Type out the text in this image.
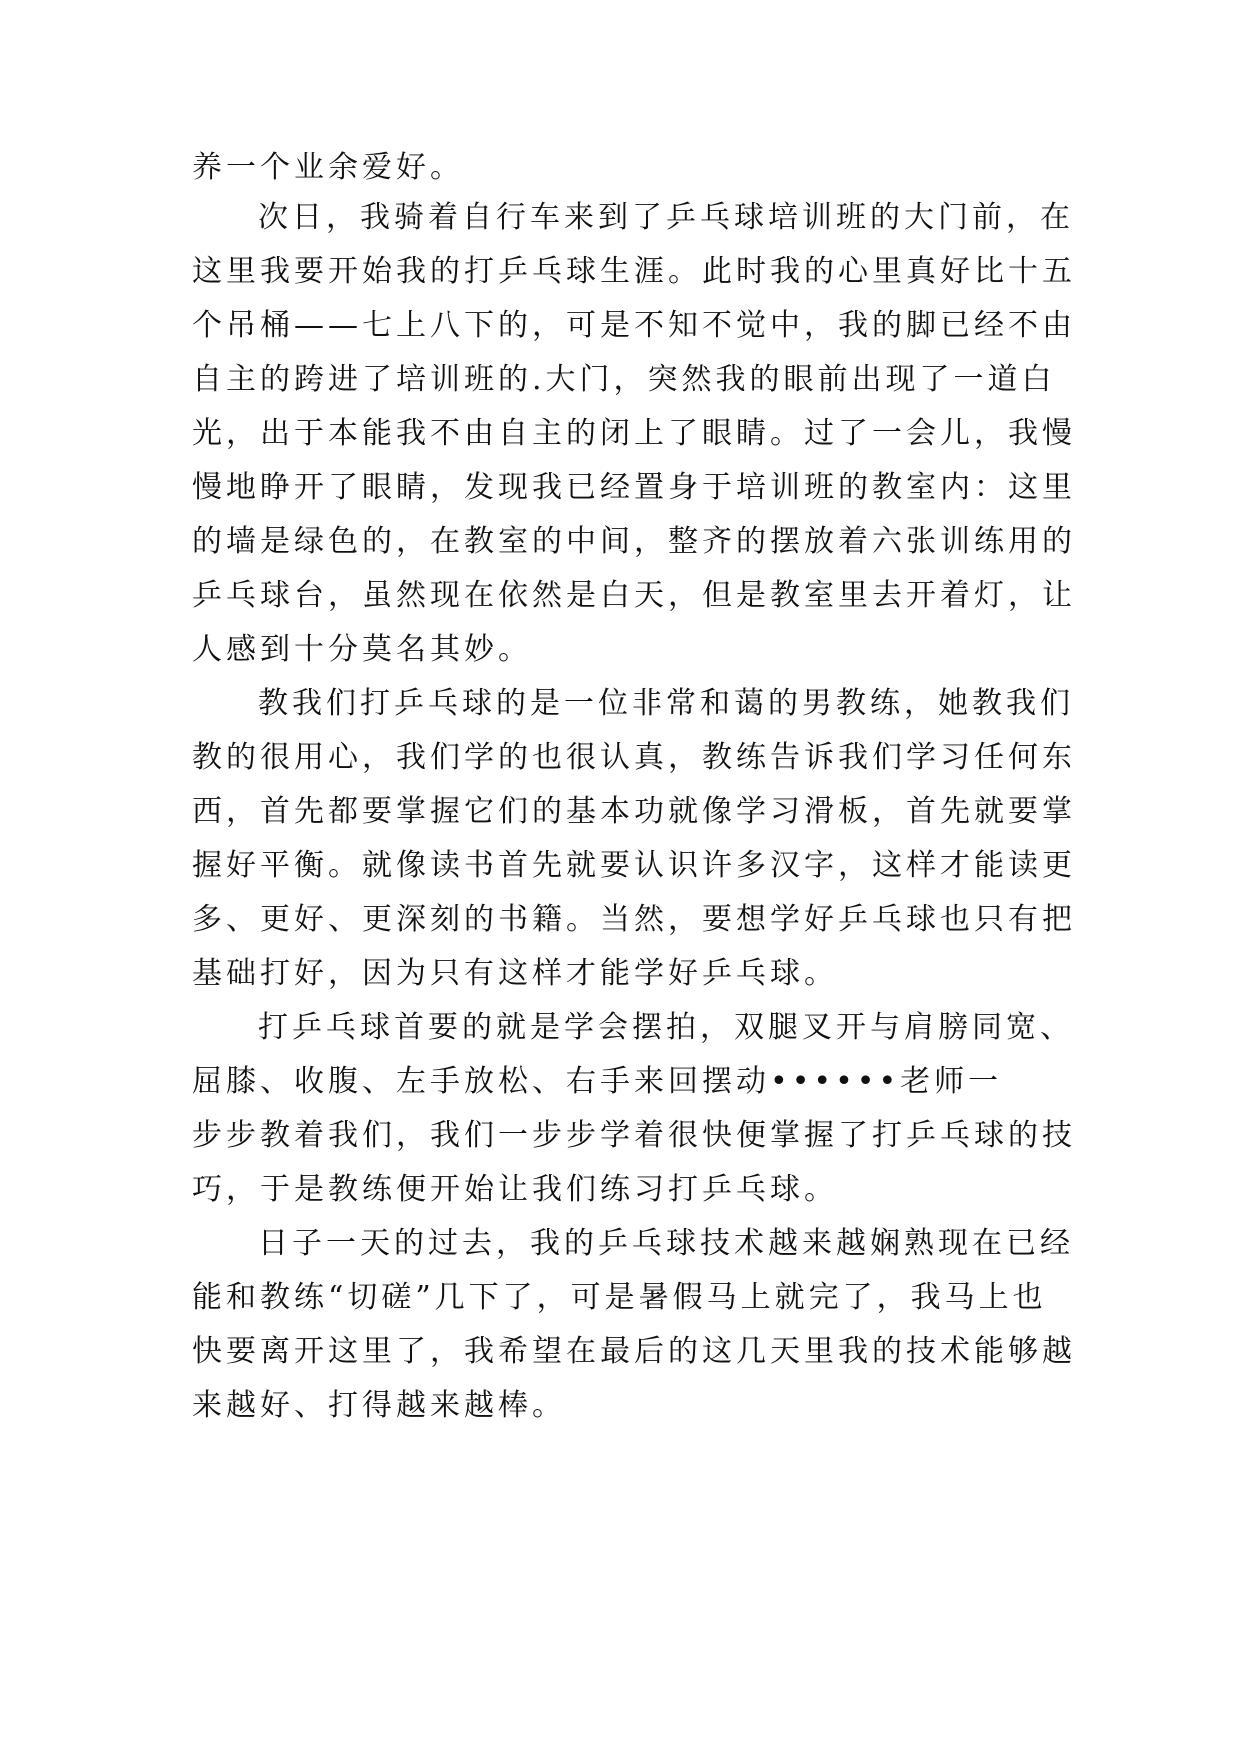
养一个业余爱好。
次日，我骑着自行车来到了乒乓球培训班的大门前，在
这里我要开始我的打乒乓球生涯。此时我的心里真好比十五
个吊桶——七上八下的，可是不知不觉中，我的脚已经不由
自主的跨进了培训班的.大门，突然我的眼前出现了一道白
光，出于本能我不由自主的闭上了眼睛。过了一会儿，我慢
慢地睁开了眼睛，发现我已经置身于培训班的教室内：这里
的墙是绿色的，在教室的中间，整齐的摆放着六张训练用的
乒乓球台，虽然现在依然是白天，但是教室里去开着灯，让
人感到十分莫名其妙。
教我们打乒乓球的是一位非常和蔼的男教练，她教我们
教的很用心，我们学的也很认真，教练告诉我们学习任何东
西，首先都要掌握它们的基本功就像学习滑板，首先就要掌
握好平衡。就像读书首先就要认识许多汉字，这样才能读更
多、更好、更深刻的书籍。当然，要想学好乒乓球也只有把
基础打好，因为只有这样才能学好乒乓球。
打乒乓球首要的就是学会摆拍，双腿叉开与肩膀同宽、
屈膝、收腹、左手放松、右手来回摆动••••••老师一
步步教着我们，我们一步步学着很快便掌握了打乒乓球的技
巧，于是教练便开始让我们练习打乒乓球。
日子一天的过去，我的乒乓球技术越来越娴熟现在已经
能和教练“切磋”几下了，可是暑假马上就完了，我马上也
快要离开这里了，我希望在最后的这几天里我的技术能够越
来越好、打得越来越棒。
